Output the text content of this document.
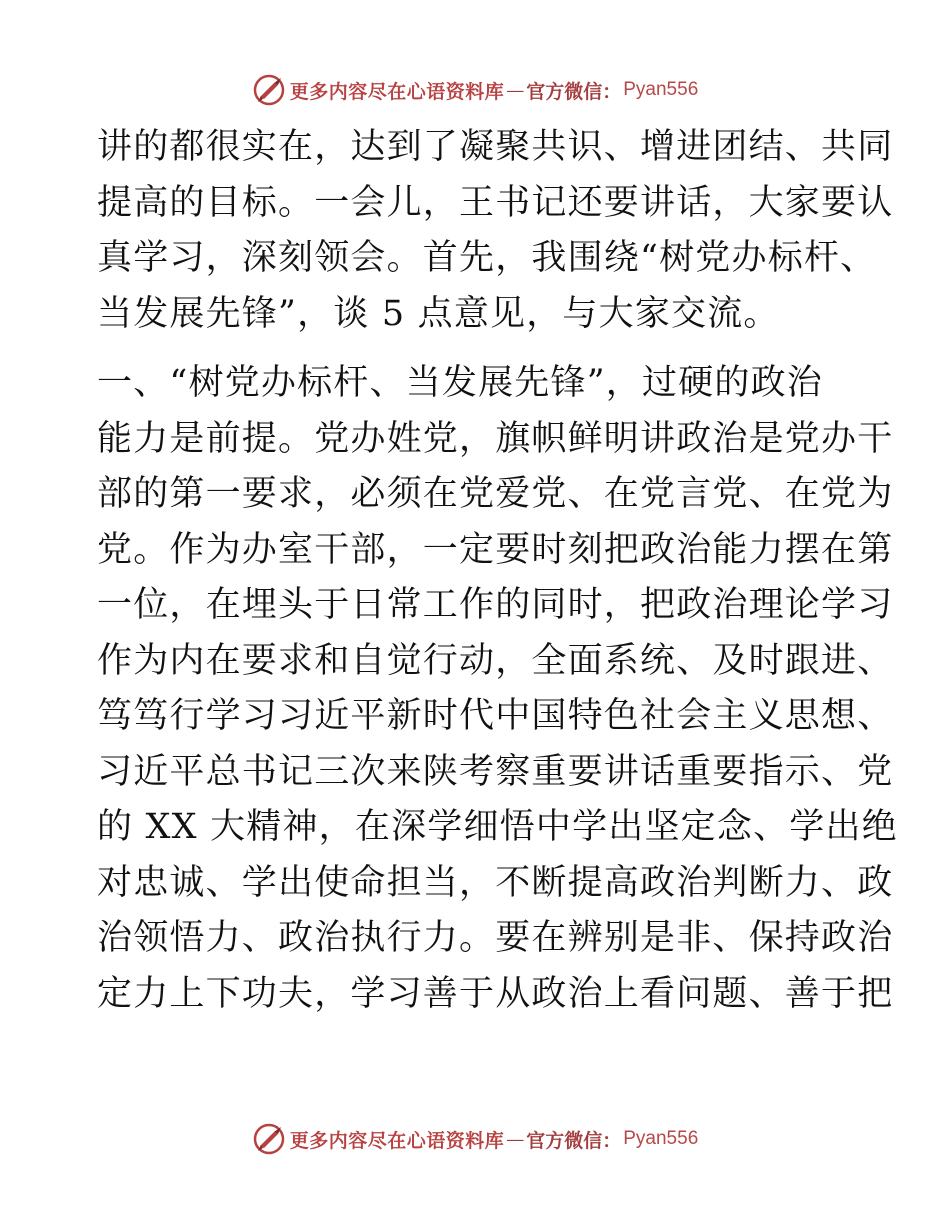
更多内容尽在心语资料库 — 官方微信： Pyan556
讲的都很实在，达到了凝聚共识、增进团结、共同
提高的目标。一会儿，王书记还要讲话，大家要认
真学习，深刻领会。首先，我围绕“树党办标杆、
当发展先锋”，谈 5 点意见，与大家交流。
一、“树党办标杆、当发展先锋”，过硬的政治
能力是前提。党办姓党，旗帜鲜明讲政治是党办干
部的第一要求，必须在党爱党、在党言党、在党为
党。作为办室干部，一定要时刻把政治能力摆在第
一位，在埋头于日常工作的同时，把政治理论学习
作为内在要求和自觉行动，全面系统、及时跟进、
笃笃行学习习近平新时代中国特色社会主义思想、
习近平总书记三次来陕考察重要讲话重要指示、党
的 XX 大精神，在深学细悟中学出坚定念、学出绝
对忠诚、学出使命担当，不断提高政治判断力、政
治领悟力、政治执行力。要在辨别是非、保持政治
定力上下功夫，学习善于从政治上看问题、善于把
更多内容尽在心语资料库 — 官方微信： Pyan556
